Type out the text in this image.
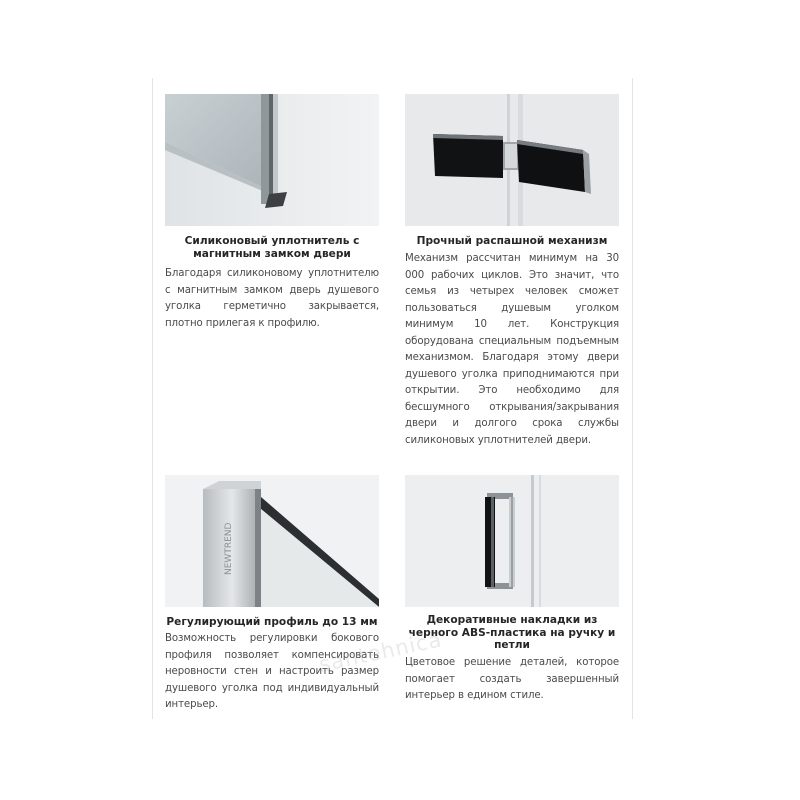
Силиконовый уплотнитель с магнитным замком двери
Благодаря силиконовому уплотнителю с магнитным замком дверь душевого уголка герметично закрывается, плотно прилегая к профилю.
Прочный распашной механизм
Механизм рассчитан минимум на 30 000 рабочих циклов. Это значит, что семья из четырех человек сможет пользоваться душевым уголком минимум 10 лет. Конструкция оборудована специальным подъемным механизмом. Благодаря этому двери душевого уголка приподнимаются при открытии. Это необходимо для бесшумного открывания/закрывания двери и долгого срока службы силиконовых уплотнителей двери.
NEWTREND
Регулирующий профиль до 13 мм
Возможность регулировки бокового профиля позволяет компенсировать неровности стен и настроить размер душевого уголка под индивидуальный интерьер.
Декоративные накладки из черного ABS-пластика на ручку и петли
Цветовое решение деталей, которое помогает создать завершенный интерьер в едином стиле.
santehnica
